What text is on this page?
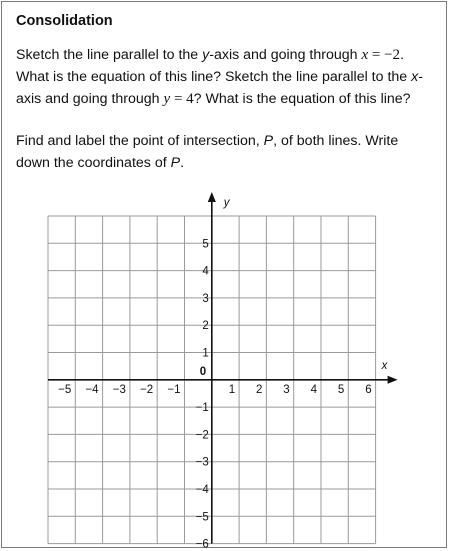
Consolidation

Sketch the line parallel to the y-axis and going through x = −2.
What is the equation of this line? Sketch the line parallel to the x-
axis and going through y = 4? What is the equation of this line?

Find and label the point of intersection, P, of both lines. Write
down the coordinates of P.

y
x
0
−5 −4 −3 −2 −1	1 2 3 4 5 6
5
4
3
2
1
−1
−2
−3
−4
−5
−6
